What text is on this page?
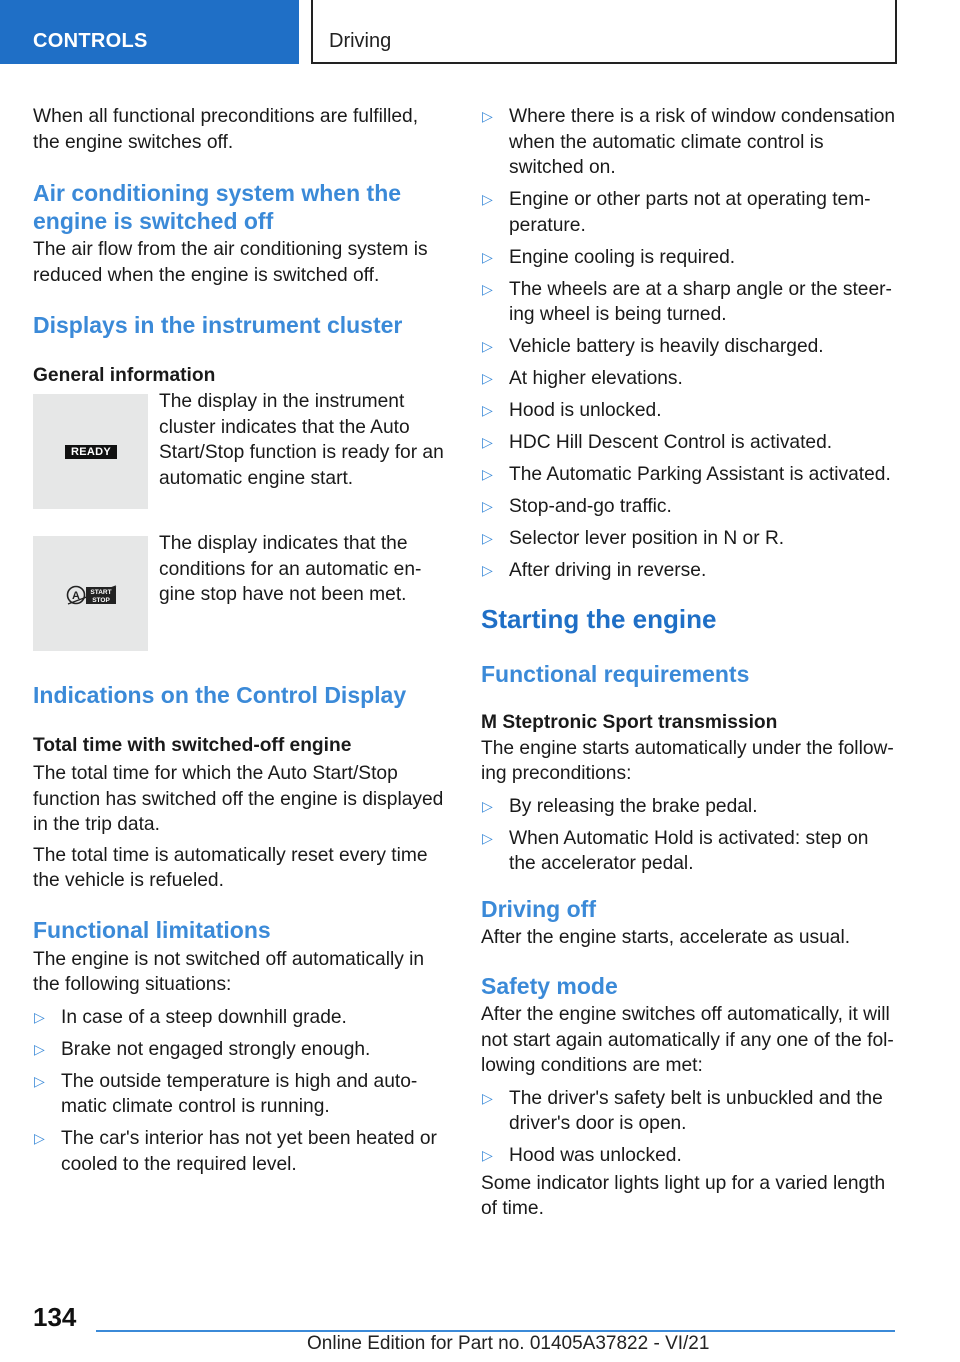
CONTROLS	Driving

When all functional preconditions are fulfilled, the engine switches off.

Air conditioning system when the engine is switched off

The air flow from the air conditioning system is reduced when the engine is switched off.

Displays in the instrument cluster
General information
READY

The display in the instrument cluster indicates that the Auto Start/Stop function is ready for an automatic engine start.

A START
STOP

The display indicates that the conditions for an automatic en‐ gine stop have not been met.

Indications on the Control Display
Total time with switched-off engine

The total time for which the Auto Start/Stop function has switched off the engine is displayed in the trip data.

The total time is automatically reset every time the vehicle is refueled.

Functional limitations

The engine is not switched off automatically in the following situations:

▷ In case of a steep downhill grade.
▷ Brake not engaged strongly enough.
▷ The outside temperature is high and auto‐ matic climate control is running.
▷ The car's interior has not yet been heated or cooled to the required level.
▷ Where there is a risk of window condensation when the automatic climate control is switched on.
▷ Engine or other parts not at operating tem‐ perature.
▷ Engine cooling is required.
▷ The wheels are at a sharp angle or the steer‐ ing wheel is being turned.
▷ Vehicle battery is heavily discharged.
▷ At higher elevations.
▷ Hood is unlocked.
▷ HDC Hill Descent Control is activated.
▷ The Automatic Parking Assistant is activated.
▷ Stop-and-go traffic.
▷ Selector lever position in N or R.
▷ After driving in reverse.
Starting the engine
Functional requirements
M Steptronic Sport transmission

The engine starts automatically under the follow‐ ing preconditions:

▷ By releasing the brake pedal.
▷ When Automatic Hold is activated: step on the accelerator pedal.
Driving off

After the engine starts, accelerate as usual.

Safety mode

After the engine switches off automatically, it will not start again automatically if any one of the fol‐ lowing conditions are met:

▷ The driver's safety belt is unbuckled and the driver's door is open.
▷ Hood was unlocked.

Some indicator lights light up for a varied length of time.

134
Online Edition for Part no. 01405A37822 - VI/21
